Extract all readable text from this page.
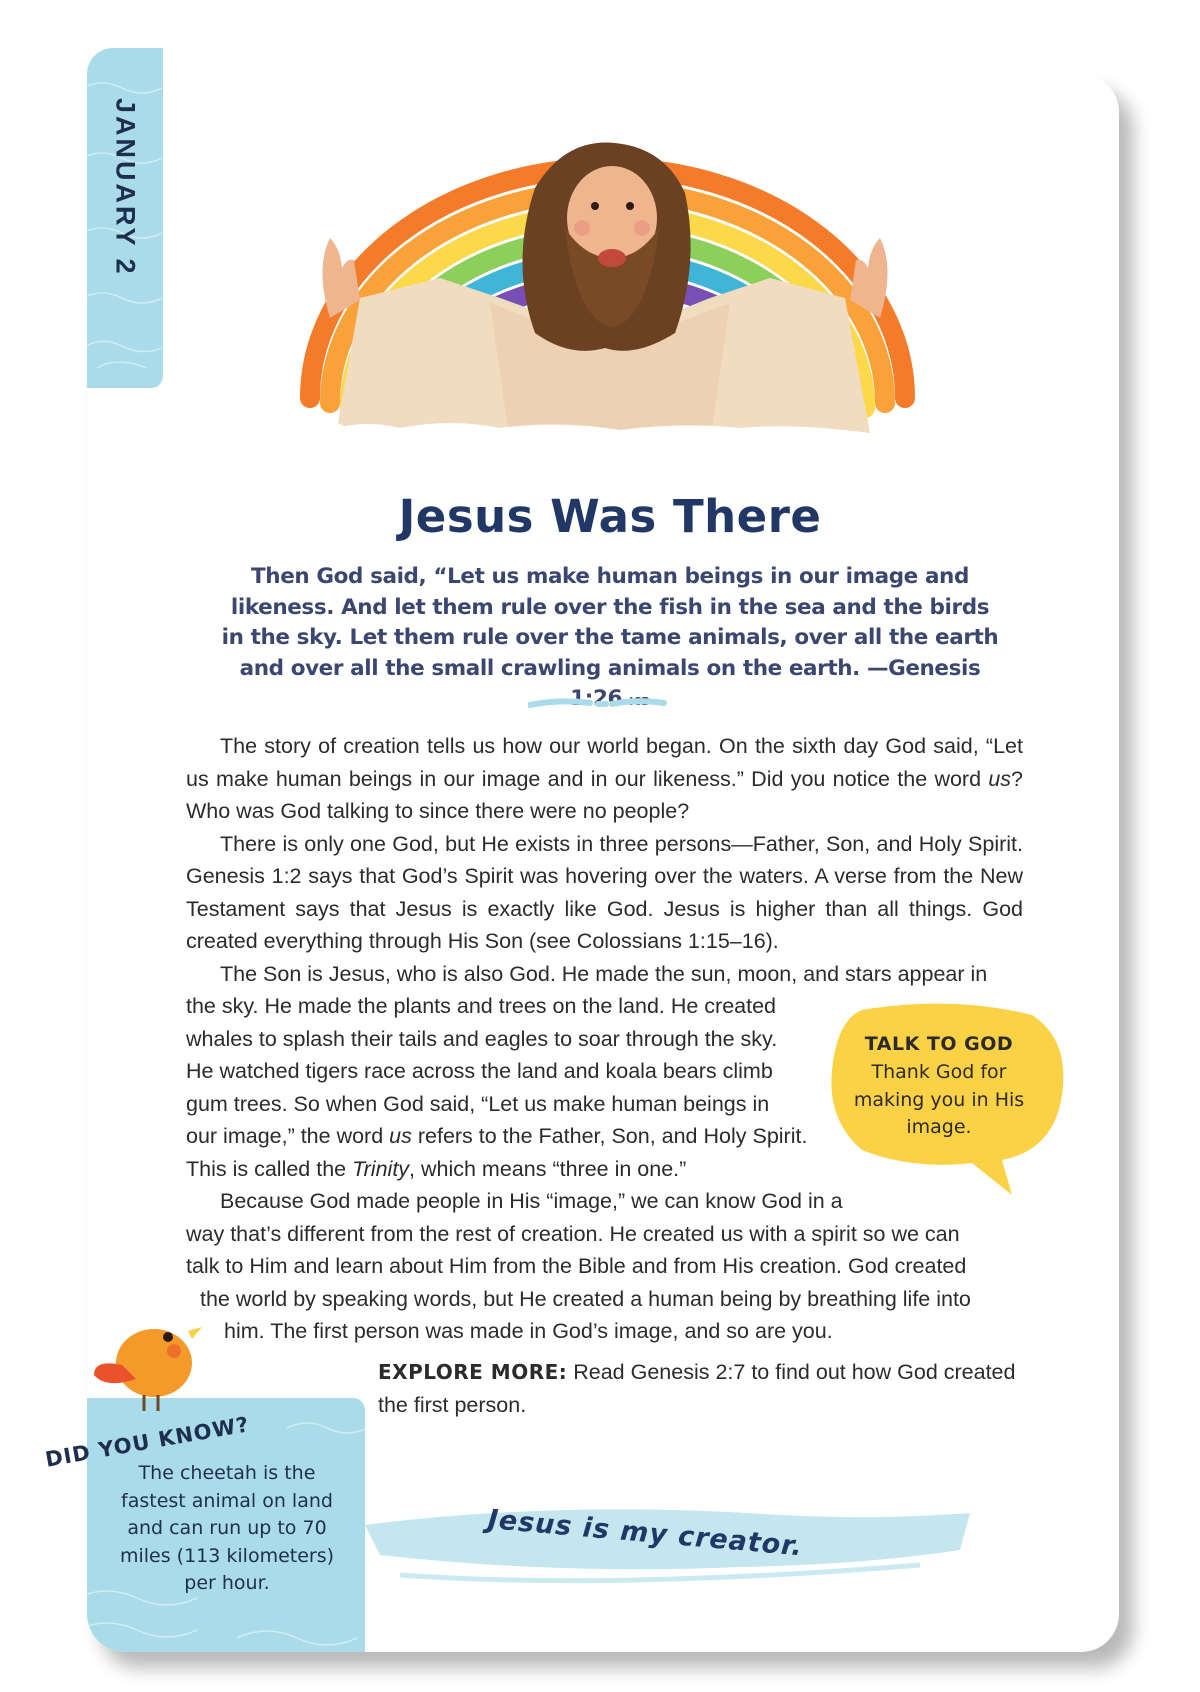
JANUARY 2
Jesus Was There
Then God said, “Let us make human beings in our image and likeness. And let them rule over the fish in the sea and the birds in the sky. Let them rule over the tame animals, over all the earth and over all the small crawling animals on the earth. —Genesis 1:26 ICB

The story of creation tells us how our world began. On the sixth day God said, “Let us make human beings in our image and in our likeness.” Did you notice the word us? Who was God talking to since there were no people?

There is only one God, but He exists in three persons—Father, Son, and Holy Spirit. Genesis 1:2 says that God’s Spirit was hovering over the waters. A verse from the New Testament says that Jesus is exactly like God. Jesus is higher than all things. God created everything through His Son (see Colossians 1:15–16).

The Son is Jesus, who is also God. He made the sun, moon, and stars appear in
the sky. He made the plants and trees on the land. He created
whales to splash their tails and eagles to soar through the sky.
He watched tigers race across the land and koala bears climb
gum trees. So when God said, “Let us make human beings in
our image,” the word us refers to the Father, Son, and Holy Spirit.
This is called the Trinity, which means “three in one.”
Because God made people in His “image,” we can know God in a
way that’s different from the rest of creation. He created us with a spirit so we can
talk to Him and learn about Him from the Bible and from His creation. God created
the world by speaking words, but He created a human being by breathing life into
him. The first person was made in God’s image, and so are you.
TALK TO GOD
Thank God for making you in His image.
EXPLORE MORE: Read Genesis 2:7 to find out how God created the first person.
DID YOU KNOW?
The cheetah is the fastest animal on land and can run up to 70 miles (113 kilometers) per hour.
Jesus is my creator.
